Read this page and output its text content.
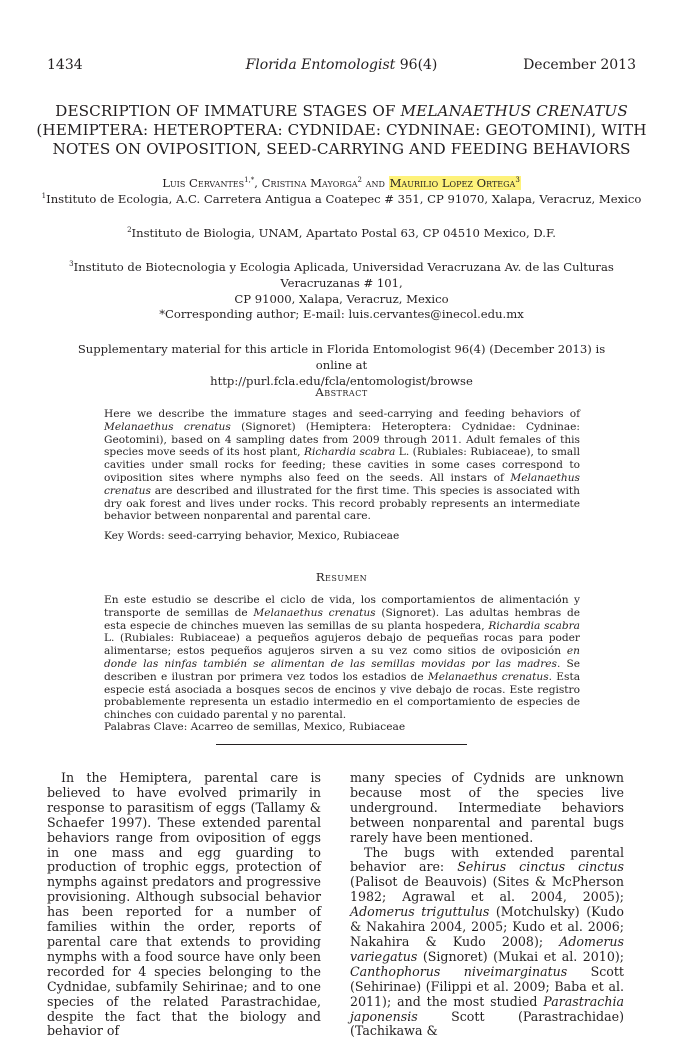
1434	Florida Entomologist 96(4)	December 2013
DESCRIPTION OF IMMATURE STAGES OF MELANAETHUS CRENATUS
(HEMIPTERA: HETEROPTERA: CYDNIDAE: CYDNINAE: GEOTOMINI), WITH
NOTES ON OVIPOSITION, SEED-CARRYING AND FEEDING BEHAVIORS
Luis Cervantes$^{1,*}$, Cristina Mayorga$^2$ and Maurilio Lopez Ortega$^3$
$^1$Instituto de Ecologia, A.C. Carretera Antigua a Coatepec # 351, CP 91070, Xalapa, Veracruz, Mexico
$^2$Instituto de Biologia, UNAM, Apartato Postal 63, CP 04510 Mexico, D.F.
$^3$Instituto de Biotecnologia y Ecologia Aplicada, Universidad Veracruzana Av. de las Culturas Veracruzanas # 101,
CP 91000, Xalapa, Veracruz, Mexico
*Corresponding author; E-mail: luis.cervantes@inecol.edu.mx
Supplementary material for this article in Florida Entomologist 96(4) (December 2013) is online at
http://purl.fcla.edu/fcla/entomologist/browse
Abstract
Here we describe the immature stages and seed-carrying and feeding behaviors of Melanaethus crenatus (Signoret) (Hemiptera: Heteroptera: Cydnidae: Cydninae: Geotomini), based on 4 sampling dates from 2009 through 2011. Adult females of this species move seeds of its host plant, Richardia scabra L. (Rubiales: Rubiaceae), to small cavities under small rocks for feeding; these cavities in some cases correspond to oviposition sites where nymphs also feed on the seeds. All instars of Melanaethus crenatus are described and illustrated for the first time. This species is associated with dry oak forest and lives under rocks. This record probably represents an intermediate behavior between nonparental and parental care.
Key Words: seed-carrying behavior, Mexico, Rubiaceae
Resumen
En este estudio se describe el ciclo de vida, los comportamientos de alimentación y transporte de semillas de Melanaethus crenatus (Signoret). Las adultas hembras de esta especie de chinches mueven las semillas de su planta hospedera, Richardia scabra L. (Rubiales: Rubiaceae) a pequeños agujeros debajo de pequeñas rocas para poder alimentarse; estos pequeños agujeros sirven a su vez como sitios de oviposición en donde las ninfas también se alimentan de las semillas movidas por las madres. Se describen e ilustran por primera vez todos los estadios de Melanaethus crenatus. Esta especie está asociada a bosques secos de encinos y vive debajo de rocas. Este registro probablemente representa un estadio intermedio en el comportamiento de especies de chinches con cuidado parental y no parental.
Palabras Clave: Acarreo de semillas, Mexico, Rubiaceae

In the Hemiptera, parental care is believed to have evolved primarily in response to parasitism of eggs (Tallamy & Schaefer 1997). These extended parental behaviors range from oviposition of eggs in one mass and egg guarding to production of trophic eggs, protection of nymphs against predators and progressive provisioning. Although subsocial behavior has been reported for a number of families within the order, reports of parental care that extends to providing nymphs with a food source have only been recorded for 4 species belonging to the Cydnidae, subfamily Sehirinae; and to one species of the related Parastrachidae, despite the fact that the biology and behavior of

many species of Cydnids are unknown because most of the species live underground. Intermediate behaviors between nonparental and parental bugs rarely have been mentioned.

The bugs with extended parental behavior are: Sehirus cinctus cinctus (Palisot de Beauvois) (Sites & McPherson 1982; Agrawal et al. 2004, 2005); Adomerus triguttulus (Motchulsky) (Kudo & Nakahira 2004, 2005; Kudo et al. 2006; Nakahira & Kudo 2008); Adomerus variegatus (Signoret) (Mukai et al. 2010); Canthophorus niveimarginatus Scott (Sehirinae) (Filippi et al. 2009; Baba et al. 2011); and the most studied Parastrachia japonensis Scott (Parastrachidae) (Tachikawa &
